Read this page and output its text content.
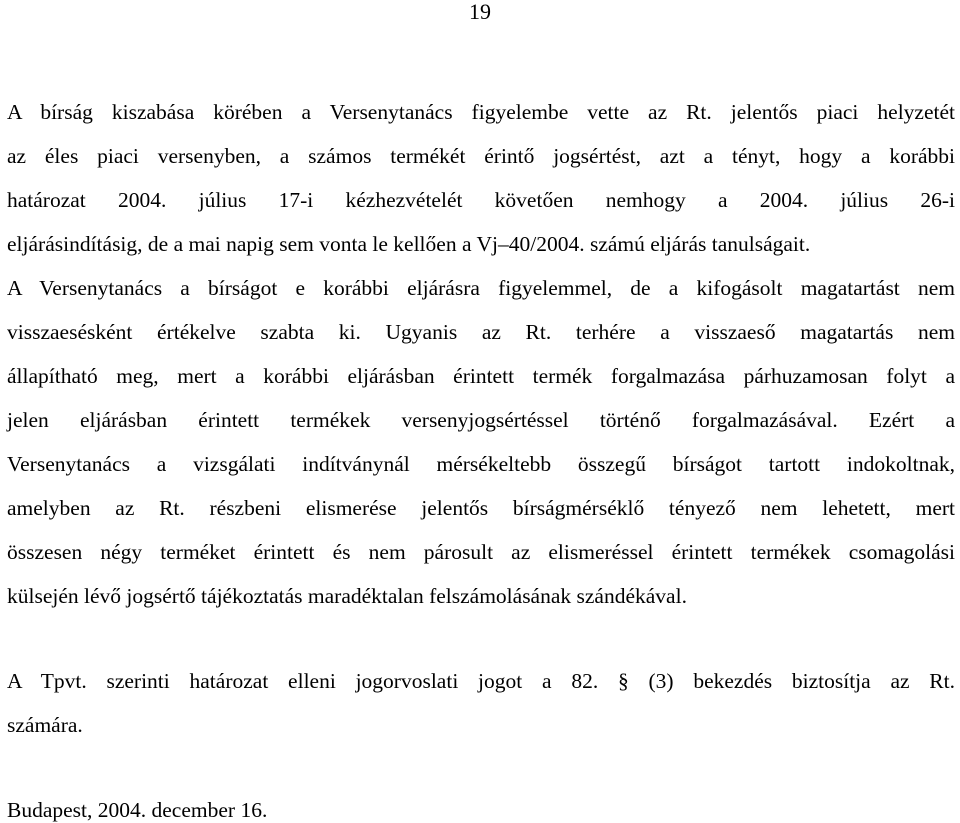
19
A bírság kiszabása körében a Versenytanács figyelembe vette az Rt. jelentős piaci helyzetét
az éles piaci versenyben, a számos termékét érintő jogsértést, azt a tényt, hogy a korábbi
határozat 2004. július 17-i kézhezvételét követően nemhogy a 2004. július 26-i
eljárásindításig, de a mai napig sem vonta le kellően a Vj–40/2004. számú eljárás tanulságait.
A Versenytanács a bírságot e korábbi eljárásra figyelemmel, de a kifogásolt magatartást nem
visszaesésként értékelve szabta ki. Ugyanis az Rt. terhére a visszaeső magatartás nem
állapítható meg, mert a korábbi eljárásban érintett termék forgalmazása párhuzamosan folyt a
jelen eljárásban érintett termékek versenyjogsértéssel történő forgalmazásával. Ezért a
Versenytanács a vizsgálati indítványnál mérsékeltebb összegű bírságot tartott indokoltnak,
amelyben az Rt. részbeni elismerése jelentős bírságmérséklő tényező nem lehetett, mert
összesen négy terméket érintett és nem párosult az elismeréssel érintett termékek csomagolási
külsején lévő jogsértő tájékoztatás maradéktalan felszámolásának szándékával.
A Tpvt. szerinti határozat elleni jogorvoslati jogot a 82. § (3) bekezdés biztosítja az Rt.
számára.
Budapest, 2004. december 16.
